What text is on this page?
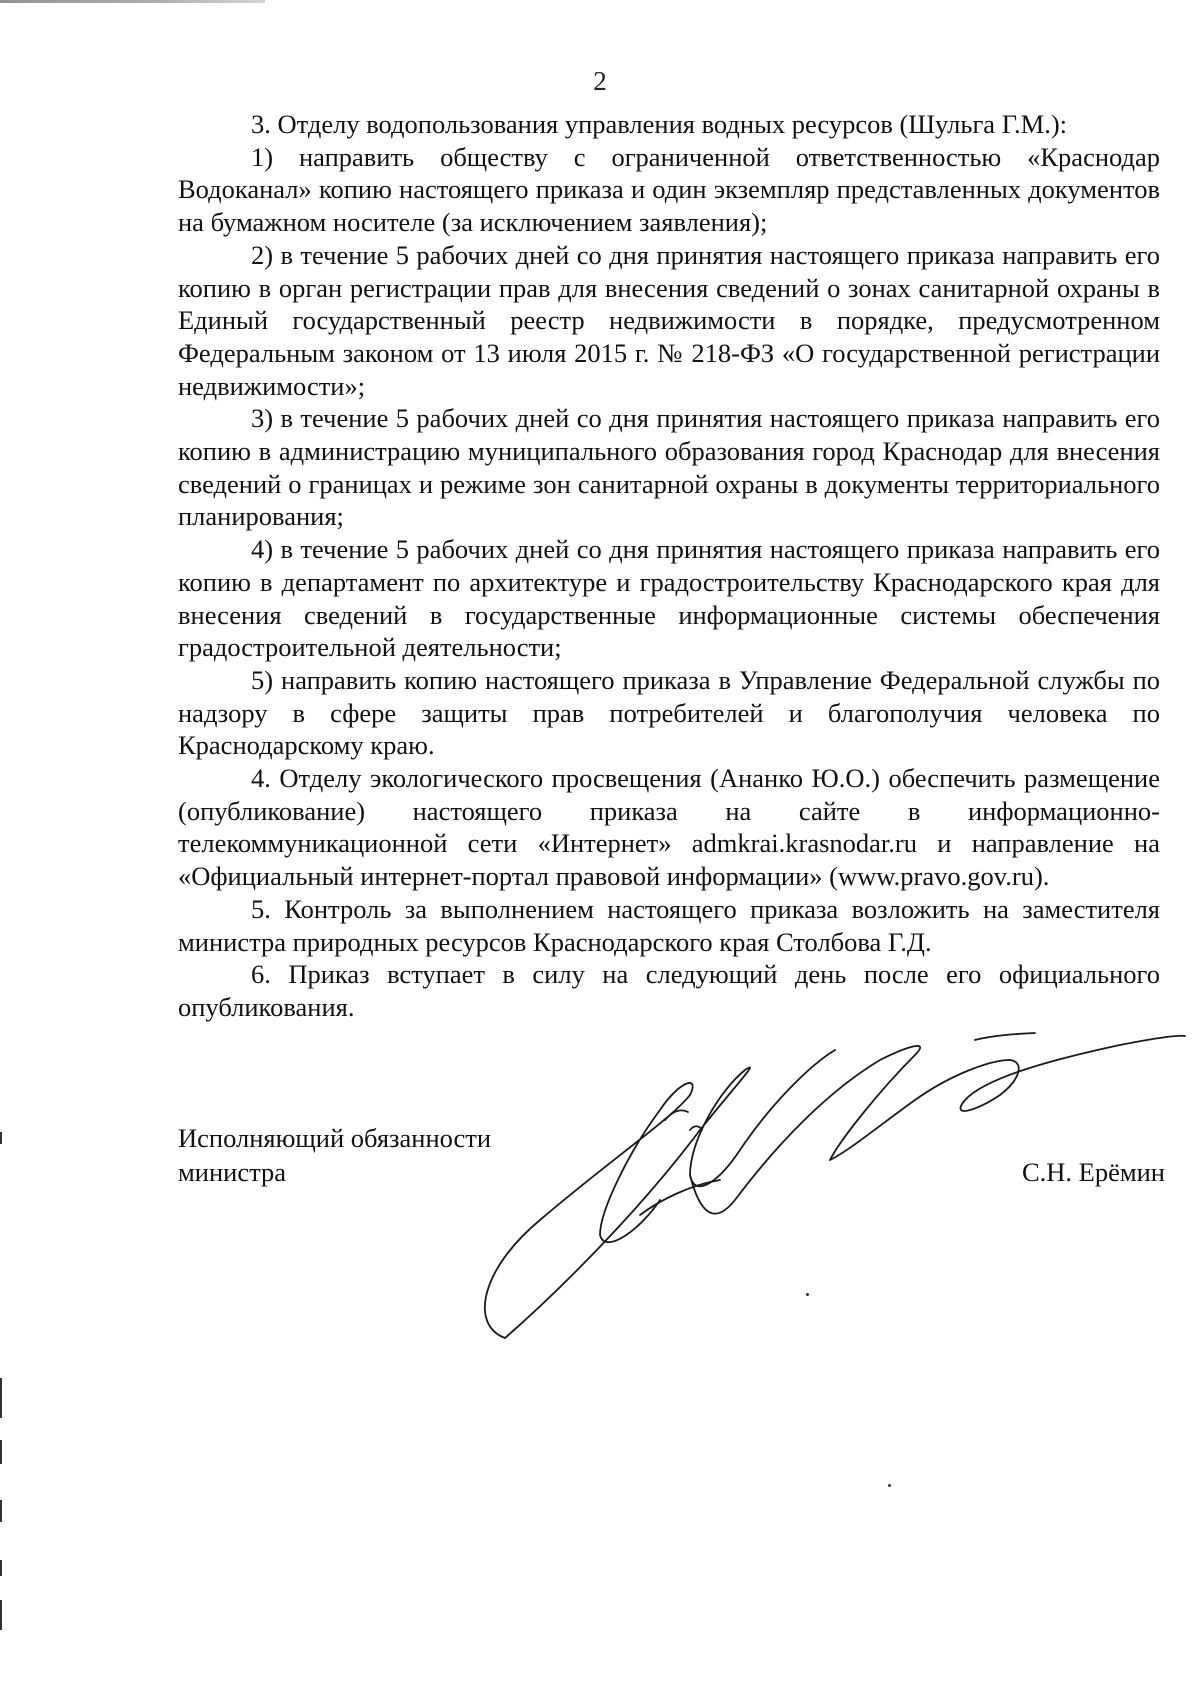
2

3. Отделу водопользования управления водных ресурсов (Шульга Г.М.):

1) направить обществу с ограниченной ответственностью «Краснодар Водоканал» копию настоящего приказа и один экземпляр представленных документов на бумажном носителе (за исключением заявления);

2) в течение 5 рабочих дней со дня принятия настоящего приказа направить его копию в орган регистрации прав для внесения сведений о зонах санитарной охраны в Единый государственный реестр недвижимости в порядке, предусмотренном Федеральным законом от 13 июля 2015 г. № 218-ФЗ «О государственной регистрации недвижимости»;

3) в течение 5 рабочих дней со дня принятия настоящего приказа направить его копию в администрацию муниципального образования город Краснодар для внесения сведений о границах и режиме зон санитарной охраны в документы территориального планирования;

4) в течение 5 рабочих дней со дня принятия настоящего приказа направить его копию в департамент по архитектуре и градостроительству Краснодарского края для внесения сведений в государственные информационные системы обеспечения градостроительной деятельности;

5) направить копию настоящего приказа в Управление Федеральной службы по надзору в сфере защиты прав потребителей и благополучия человека по Краснодарскому краю.

4. Отделу экологического просвещения (Ананко Ю.О.) обеспечить размещение (опубликование) настоящего приказа на сайте в информационно-телекоммуникационной сети «Интернет» admkrai.krasnodar.ru и направление на «Официальный интернет-портал правовой информации» (www.pravo.gov.ru).

5. Контроль за выполнением настоящего приказа возложить на заместителя министра природных ресурсов Краснодарского края Столбова Г.Д.

6. Приказ вступает в силу на следующий день после его официального опубликования.

Исполняющий обязанности
министра	С.Н. Ерёмин
